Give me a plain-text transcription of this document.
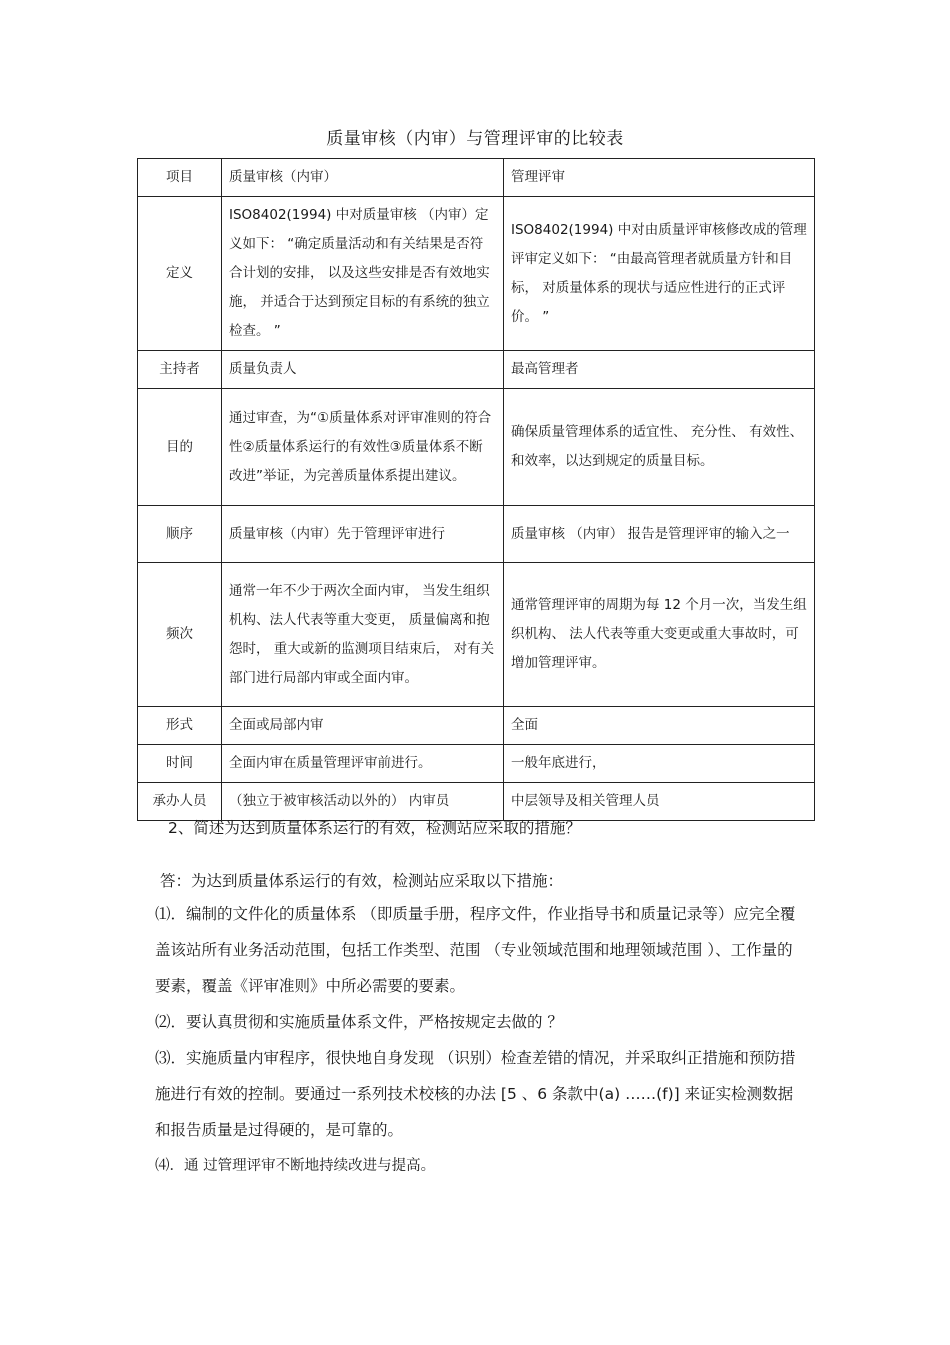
质量审核（内审）与管理评审的比较表
项目	质量审核（内审）	管理评审
定义	ISO8402(1994) 中对质量审核 （内审）定义如下： “确定质量活动和有关结果是否符合计划的安排， 以及这些安排是否有效地实施， 并适合于达到预定目标的有系统的独立检查。 ”	ISO8402(1994) 中对由质量评审核修改成的管理评审定义如下： “由最高管理者就质量方针和目标， 对质量体系的现状与适应性进行的正式评价。 ”
主持者	质量负责人	最高管理者
目的	通过审查，为“①质量体系对评审准则的符合性②质量体系运行的有效性③质量体系不断改进”举证，为完善质量体系提出建议。	确保质量管理体系的适宜性、 充分性、 有效性、和效率，以达到规定的质量目标。
顺序	质量审核（内审）先于管理评审进行	质量审核 （内审） 报告是管理评审的输入之一
频次	通常一年不少于两次全面内审， 当发生组织机构、法人代表等重大变更， 质量偏离和抱怨时， 重大或新的监测项目结束后， 对有关部门进行局部内审或全面内审。	通常管理评审的周期为每 12 个月一次，当发生组织机构、 法人代表等重大变更或重大事故时，可增加管理评审。
形式	全面或局部内审	全面
时间	全面内审在质量管理评审前进行。	一般年底进行，
承办人员	（独立于被审核活动以外的） 内审员	中层领导及相关管理人员
2、简述为达到质量体系运行的有效，检测站应采取的措施？
答：为达到质量体系运行的有效，检测站应采取以下措施：
⑴．编制的文件化的质量体系 （即质量手册，程序文件，作业指导书和质量记录等）应完全覆盖该站所有业务活动范围，包括工作类型、范围 （专业领域范围和地理领域范围 ）、工作量的要素，覆盖《评审准则》中所必需要的要素。
⑵．要认真贯彻和实施质量体系文件，严格按规定去做的 ？
⑶．实施质量内审程序，很快地自身发现 （识别）检查差错的情况，并采取纠正措施和预防措施进行有效的控制。要通过一系列技术校核的办法 [5 、6 条款中(a) ……(f)] 来证实检测数据和报告质量是过得硬的，是可靠的。
⑷．通 过管理评审不断地持续改进与提高。
